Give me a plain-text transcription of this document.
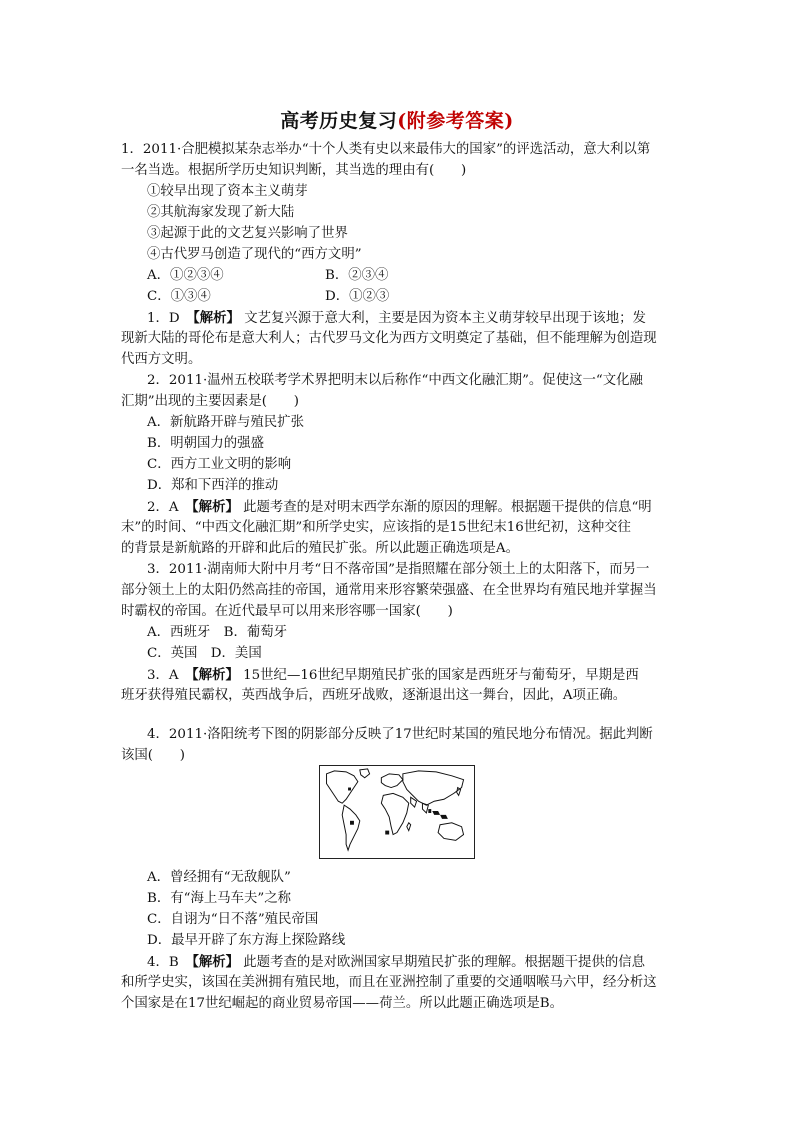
高考历史复习(附参考答案)
1．2011·合肥模拟某杂志举办“十个人类有史以来最伟大的国家”的评选活动，意大利以第
一名当选。根据所学历史知识判断，其当选的理由有(　　)
①较早出现了资本主义萌芽
②其航海家发现了新大陆
③起源于此的文艺复兴影响了世界
④古代罗马创造了现代的“西方文明”
A．①②③④	B．②③④
C．①③④	D．①②③
1．D　【解析】 文艺复兴源于意大利，主要是因为资本主义萌芽较早出现于该地；发
现新大陆的哥伦布是意大利人；古代罗马文化为西方文明奠定了基础，但不能理解为创造现
代西方文明。
2．2011·温州五校联考学术界把明末以后称作“中西文化融汇期”。促使这一“文化融
汇期”出现的主要因素是(　　)
A．新航路开辟与殖民扩张
B．明朝国力的强盛
C．西方工业文明的影响
D．郑和下西洋的推动
2．A　【解析】 此题考查的是对明末西学东渐的原因的理解。根据题干提供的信息“明
末”的时间、“中西文化融汇期”和所学史实，应该指的是15世纪末16世纪初，这种交往
的背景是新航路的开辟和此后的殖民扩张。所以此题正确选项是A。
3．2011·湖南师大附中月考“日不落帝国”是指照耀在部分领土上的太阳落下，而另一
部分领土上的太阳仍然高挂的帝国，通常用来形容繁荣强盛、在全世界均有殖民地并掌握当
时霸权的帝国。在近代最早可以用来形容哪一国家(　　)
A．西班牙　B．葡萄牙
C．英国　D．美国
3．A　【解析】 15世纪—16世纪早期殖民扩张的国家是西班牙与葡萄牙，早期是西
班牙获得殖民霸权，英西战争后，西班牙战败，逐渐退出这一舞台，因此，A项正确。
4．2011·洛阳统考下图的阴影部分反映了17世纪时某国的殖民地分布情况。据此判断
该国(　　)
A．曾经拥有“无敌舰队”
B．有“海上马车夫”之称
C．自诩为“日不落”殖民帝国
D．最早开辟了东方海上探险路线
4．B　【解析】 此题考查的是对欧洲国家早期殖民扩张的理解。根据题干提供的信息
和所学史实，该国在美洲拥有殖民地，而且在亚洲控制了重要的交通咽喉马六甲，经分析这
个国家是在17世纪崛起的商业贸易帝国——荷兰。所以此题正确选项是B。
